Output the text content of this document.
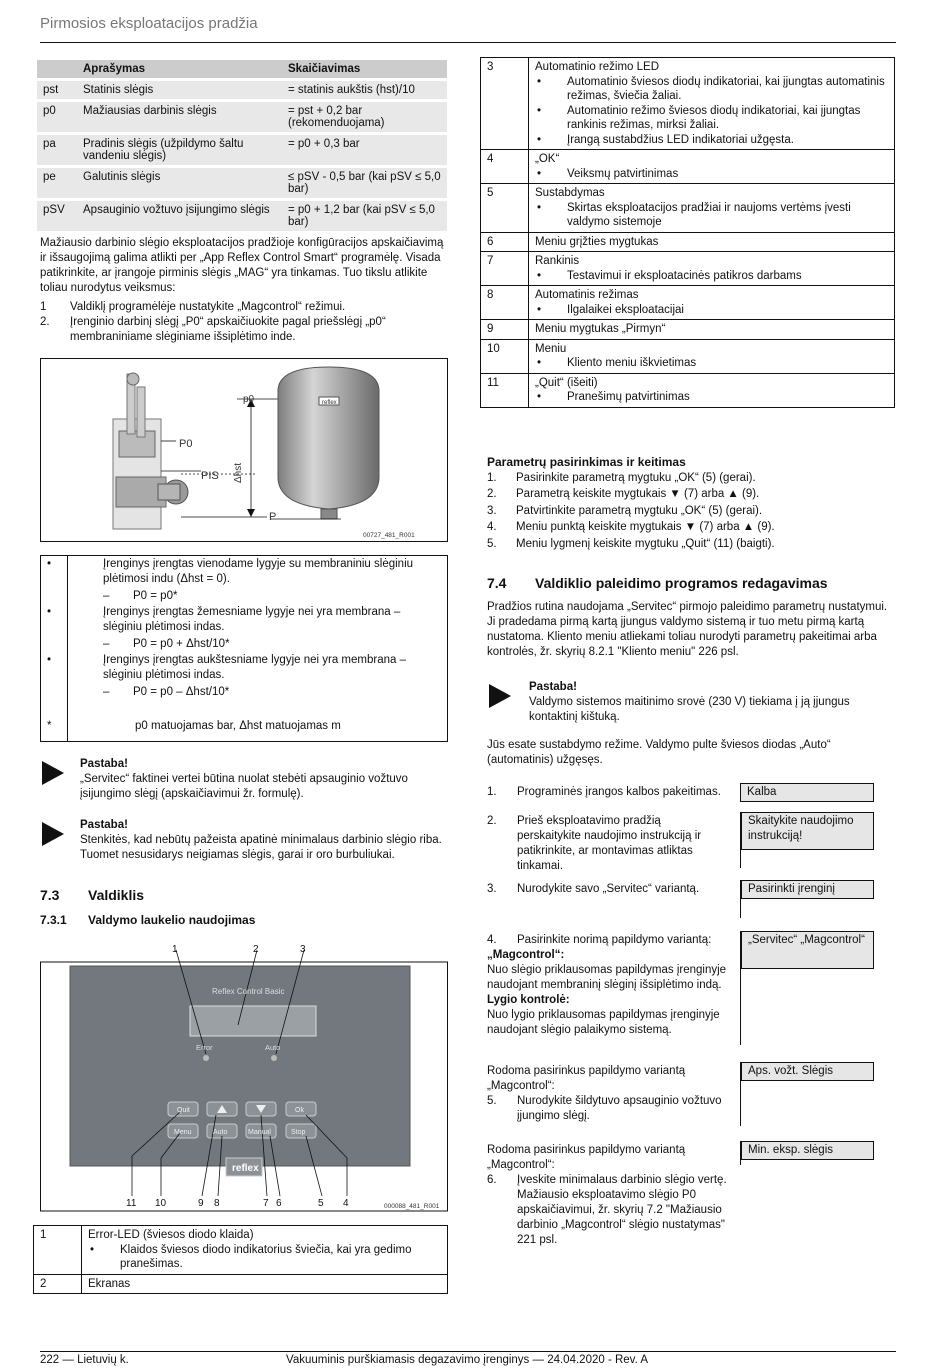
Pirmosios eksploatacijos pradžia
222 — Lietuvių k.	Vakuuminis purškiamasis degazavimo įrenginys — 24.04.2020 - Rev. A
	Aprašymas	Skaičiavimas
pst	Statinis slėgis	= statinis aukštis (hst)/10
p0	Mažiausias darbinis slėgis	= pst + 0,2 bar (rekomenduojama)
pa	Pradinis slėgis (užpildymo šaltu vandeniu slėgis)	= p0 + 0,3 bar
pe	Galutinis slėgis	≤ pSV - 0,5 bar (kai pSV ≤ 5,0 bar)
pSV	Apsauginio vožtuvo įsijungimo slėgis	= p0 + 1,2 bar (kai pSV ≤ 5,0 bar)
Mažiausio darbinio slėgio eksploatacijos pradžioje konfigūracijos apskaičiavimą ir išsaugojimą galima atlikti per „App Reflex Control Smart“ programėlę. Visada patikrinkite, ar įrangoje pirminis slėgis „MAG“ yra tinkamas. Tuo tikslu atlikite toliau nurodytus veiksmus:
1	Valdiklį programėlėje nustatykite „Magcontrol“ režimui.
2.	Įrenginio darbinį slėgį „P0“ apskaičiuokite pagal priešslėgį „p0“ membraniniame slėginiame išsiplėtimo inde.
p0
P0
PIS Δhst
P
reflex
00727_481_R001
•	Įrenginys įrengtas vienodame lygyje su membraniniu slėginiu plėtimosi indu (Δhst = 0).
–	P0 = p0*
•	Įrenginys įrengtas žemesniame lygyje nei yra membrana – slėginiu plėtimosi indas.
–	P0 = p0 + Δhst/10*
•	Įrenginys įrengtas aukštesniame lygyje nei yra membrana – slėginiu plėtimosi indas.
–	P0 = p0 – Δhst/10*
*	p0 matuojamas bar, Δhst matuojamas m
Pastaba!
„Servitec“ faktinei vertei būtina nuolat stebėti apsauginio vožtuvo įsijungimo slėgį (apskaičiavimui žr. formulę).
Pastaba!
Stenkitės, kad nebūtų pažeista apatinė minimalaus darbinio slėgio riba. Tuomet nesusidarys neigiamas slėgis, garai ir oro burbuliukai.
7.3 Valdiklis
7.3.1 Valdymo laukelio naudojimas
Reflex Control Basic
Error	Auto
Quit	Ok
Menu	Auto	Manual	Stop
reflex
000088_481_R001
1	2	3
11 10	9 8	7 6	5 4
1	Error-LED (šviesos diodo klaida)
• Klaidos šviesos diodo indikatorius šviečia, kai yra gedimo pranešimas.

2	Ekranas
3	Automatinio režimo LED
• Automatinio šviesos diodų indikatoriai, kai įjungtas automatinis režimas, šviečia žaliai.
• Automatinio režimo šviesos diodų indikatoriai, kai įjungtas rankinis režimas, mirksi žaliai.
• Įrangą sustabdžius LED indikatoriai užgęsta.

4	„OK“
• Veiksmų patvirtinimas

5	Sustabdymas
• Skirtas eksploatacijos pradžiai ir naujoms vertėms įvesti valdymo sistemoje

6	Meniu grįžties mygtukas

7	Rankinis
• Testavimui ir eksploatacinės patikros darbams

8	Automatinis režimas
• Ilgalaikei eksploatacijai

9	Meniu mygtukas „Pirmyn“

10	Meniu
• Kliento meniu iškvietimas

11	„Quit“ (išeiti)
• Pranešimų patvirtinimas
Parametrų pasirinkimas ir keitimas
1.	Pasirinkite parametrą mygtuku „OK“ (5) (gerai).
2.	Parametrą keiskite mygtukais ▼ (7) arba ▲ (9).
3.	Patvirtinkite parametrą mygtuku „OK“ (5) (gerai).
4.	Meniu punktą keiskite mygtukais ▼ (7) arba ▲ (9).
5.	Meniu lygmenį keiskite mygtuku „Quit“ (11) (baigti).
7.4 Valdiklio paleidimo programos redagavimas
Pradžios rutina naudojama „Servitec“ pirmojo paleidimo parametrų nustatymui. Ji pradedama pirmą kartą įjungus valdymo sistemą ir tuo metu pirmą kartą nustatoma. Kliento meniu atliekami toliau nurodyti parametrų pakeitimai arba kontrolės, žr. skyrių 8.2.1 "Kliento meniu" 226 psl.
Pastaba!
Valdymo sistemos maitinimo srovė (230 V) tiekiama į ją įjungus kontaktinį kištuką.
Jūs esate sustabdymo režime. Valdymo pulte šviesos diodas „Auto“ (automatinis) užgęsęs.
1.	Programinės įrangos kalbos pakeitimas.	Kalba
2.	Prieš eksploatavimo pradžią perskaitykite naudojimo instrukciją ir patikrinkite, ar montavimas atliktas tinkamai.
Skaitykite naudojimo instrukciją!
3.	Nurodykite savo „Servitec“ variantą.	Pasirinkti įrenginį
4.	Pasirinkite norimą papildymo variantą:
„Magcontrol“:
Nuo slėgio priklausomas papildymas įrenginyje naudojant membraninį slėginį išsiplėtimo indą.
Lygio kontrolė:
Nuo lygio priklausomas papildymas įrenginyje naudojant slėgio palaikymo sistemą.
„Servitec“ „Magcontrol“
Rodoma pasirinkus papildymo variantą „Magcontrol“:
5.	Nurodykite šildytuvo apsauginio vožtuvo įjungimo slėgį.
Aps. vožt. Slėgis
Rodoma pasirinkus papildymo variantą „Magcontrol“:
6.	Įveskite minimalaus darbinio slėgio vertę. Mažiausio eksploatavimo slėgio P0 apskaičiavimui, žr. skyrių 7.2 "Mažiausio darbinio „Magcontrol“ slėgio nustatymas" 221 psl.
Min. eksp. slėgis
